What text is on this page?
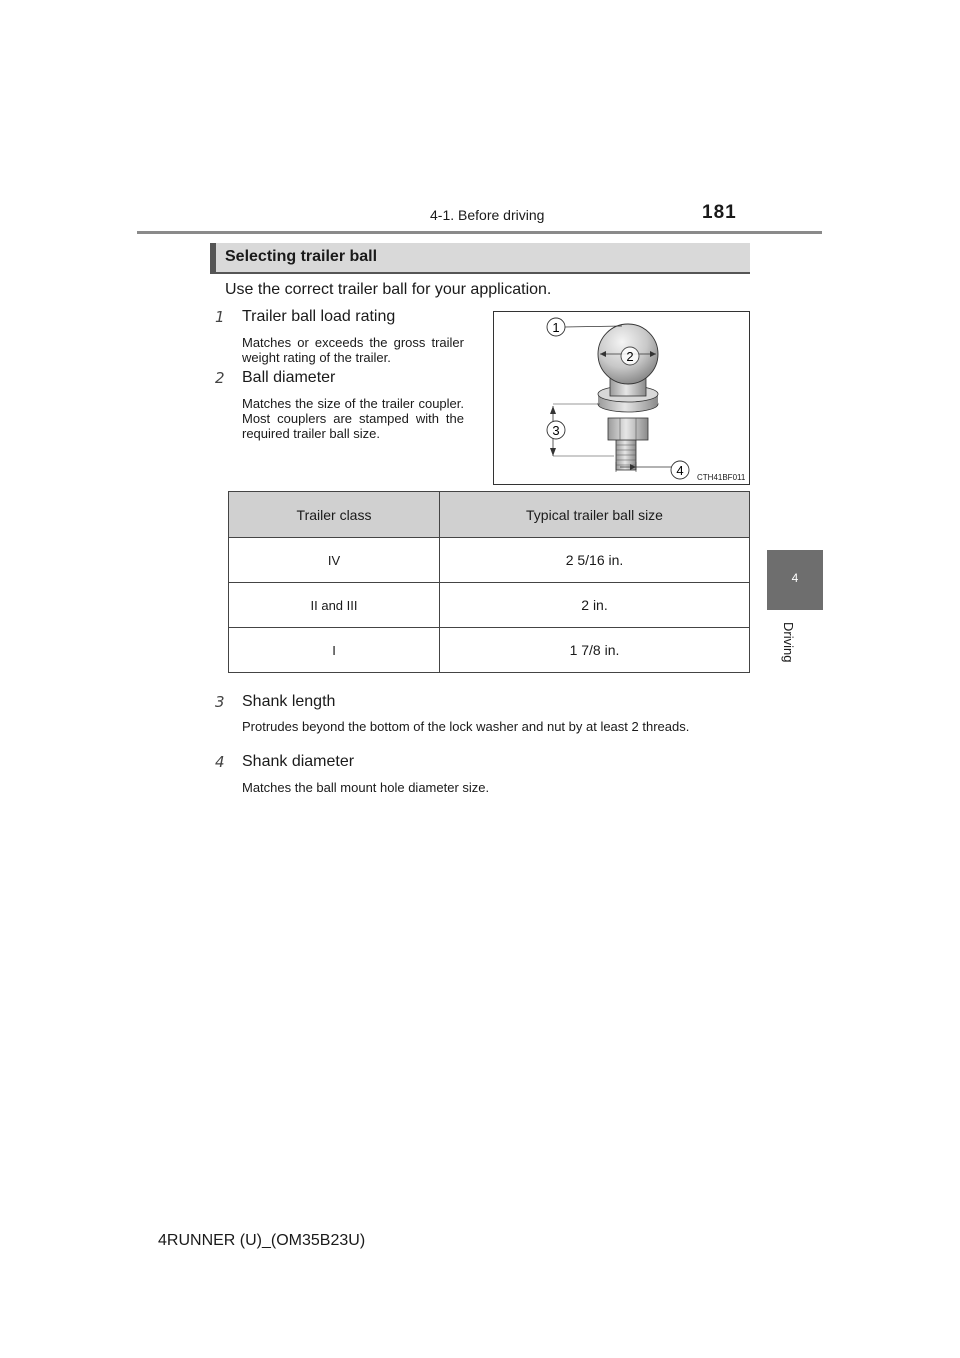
4-1. Before driving	181
4
Driving
Selecting trailer ball
Use the correct trailer ball for your application.
1 Trailer ball load rating
Matches or exceeds the gross trailer weight rating of the trailer.
2 Ball diameter
Matches the size of the trailer coupler. Most couplers are stamped with the required trailer ball size.
1
2
3
4 CTH41BF011
Trailer class	Typical trailer ball size
IV	2 5/16 in.
II and III	2 in.
I	1 7/8 in.
3 Shank length
Protrudes beyond the bottom of the lock washer and nut by at least 2 threads.
4 Shank diameter
Matches the ball mount hole diameter size.
4RUNNER (U)_(OM35B23U)
